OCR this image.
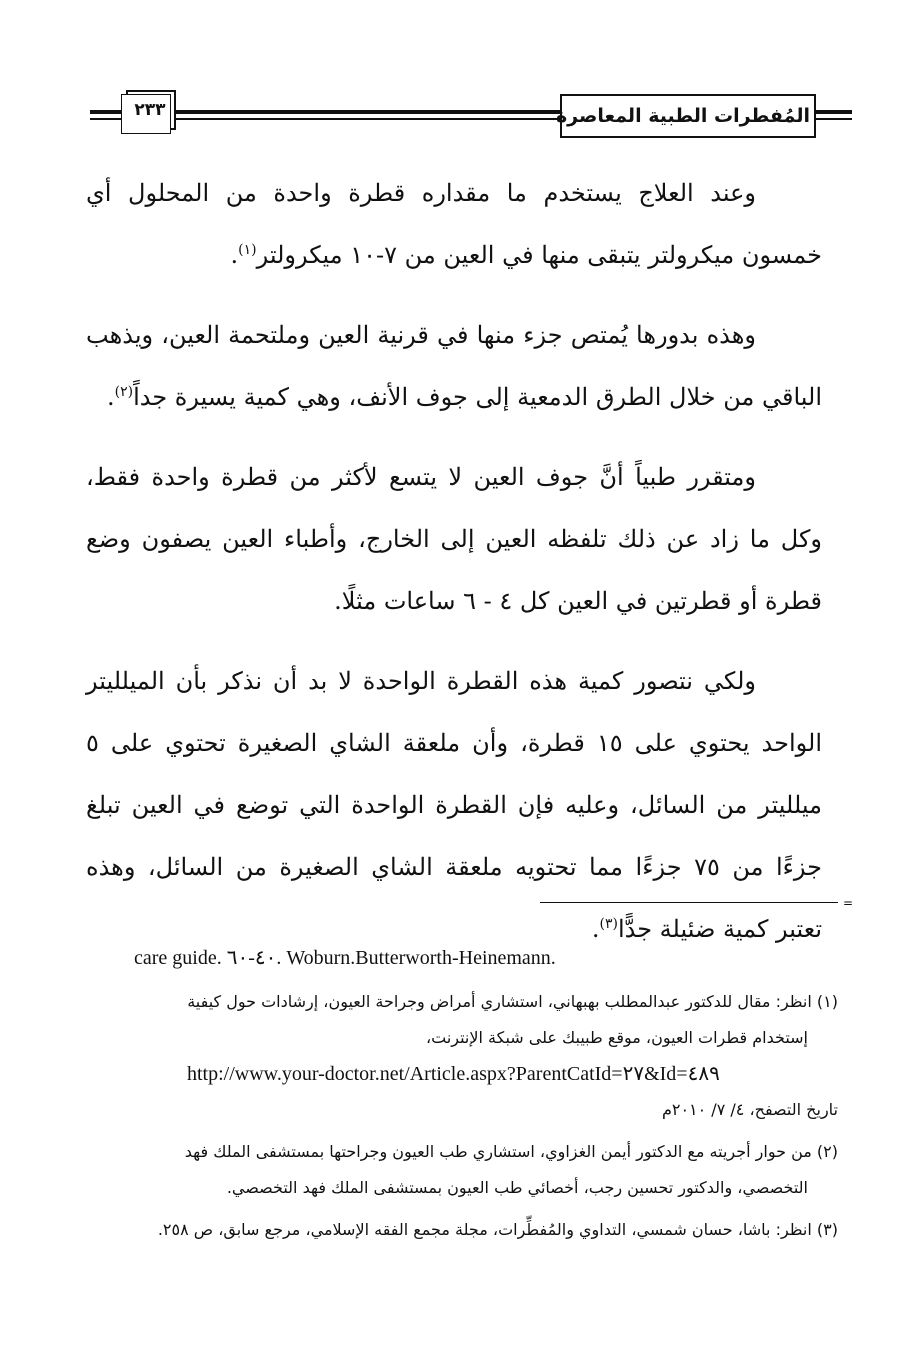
٢٣٣	المُفطرات الطبية المعاصرة

وعند العلاج يستخدم ما مقداره قطرة واحدة من المحلول أي خمسون ميكرولتر يتبقى منها في العين من ٧-١٠ ميكرولتر$^{(١)}$.

وهذه بدورها يُمتص جزء منها في قرنية العين وملتحمة العين، ويذهب الباقي من خلال الطرق الدمعية إلى جوف الأنف، وهي كمية يسيرة جداً$^{(٢)}$.

ومتقرر طبياً أنَّ جوف العين لا يتسع لأكثر من قطرة واحدة فقط، وكل ما زاد عن ذلك تلفظه العين إلى الخارج، وأطباء العين يصفون وضع قطرة أو قطرتين في العين كل ٤ - ٦ ساعات مثلًا.

ولكي نتصور كمية هذه القطرة الواحدة لا بد أن نذكر بأن الميلليتر الواحد يحتوي على ١٥ قطرة، وأن ملعقة الشاي الصغيرة تحتوي على ٥ ميلليتر من السائل، وعليه فإن القطرة الواحدة التي توضع في العين تبلغ جزءًا من ٧٥ جزءًا مما تحتويه ملعقة الشاي الصغيرة من السائل، وهذه تعتبر كمية ضئيلة جدًّا$^{(٣)}$.

=
care guide. ٤٠-٦٠. Woburn.Butterworth-Heinemann.
(١) انظر: مقال للدكتور عبدالمطلب بهبهاني، استشاري أمراض وجراحة العيون، إرشادات حول كيفية
إستخدام قطرات العيون، موقع طبيبك على شبكة الإنترنت،
http://www.your-doctor.net/Article.aspx?ParentCatId=٢٧&Id=٤٨٩
تاريخ التصفح، ٤/ ٧/ ٢٠١٠م
(٢) من حوار أجريته مع الدكتور أيمن الغزاوي، استشاري طب العيون وجراحتها بمستشفى الملك فهد
التخصصي، والدكتور تحسين رجب، أخصائي طب العيون بمستشفى الملك فهد التخصصي.
(٣) انظر: باشا، حسان شمسي، التداوي والمُفطِّرات، مجلة مجمع الفقه الإسلامي، مرجع سابق، ص ٢٥٨.
